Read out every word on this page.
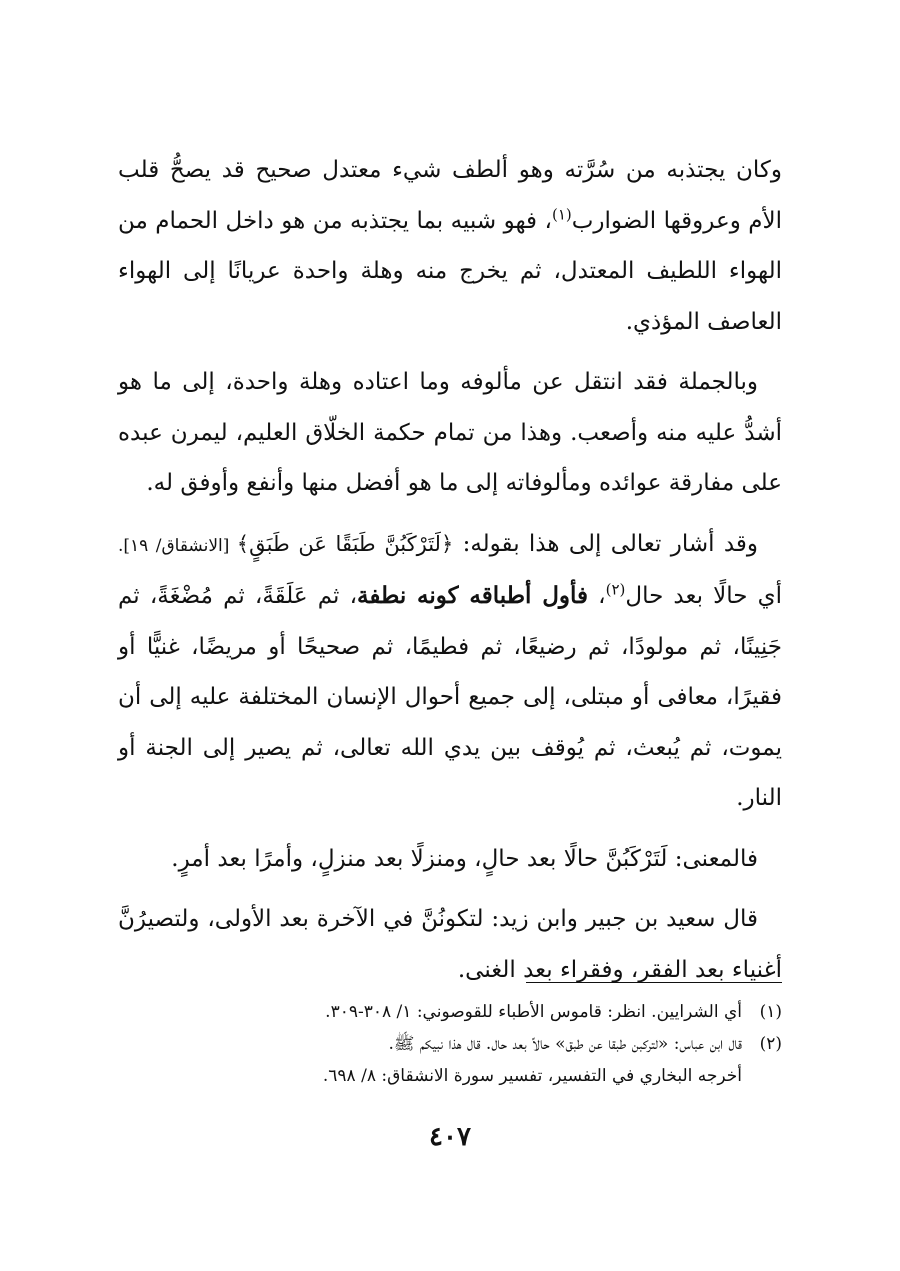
وكان يجتذبه من سُرَّته وهو ألطف شيء معتدل صحيح قد يصحُّ قلب الأم وعروقها الضوارب$^{(١)}$، فهو شبيه بما يجتذبه من هو داخل الحمام من الهواء اللطيف المعتدل، ثم يخرج منه وهلة واحدة عريانًا إلى الهواء العاصف المؤذي.

وبالجملة فقد انتقل عن مألوفه وما اعتاده وهلة واحدة، إلى ما هو أشدُّ عليه منه وأصعب. وهذا من تمام حكمة الخلّاق العليم، ليمرن عبده على مفارقة عوائده ومألوفاته إلى ما هو أفضل منها وأنفع وأوفق له.

وقد أشار تعالى إلى هذا بقوله: ﴿لَتَرْكَبُنَّ طَبَقًا عَن طَبَقٍ﴾ [الانشقاق/ ١٩]. أي حالًا بعد حال$^{(٢)}$، فأول أطباقه كونه نطفة، ثم عَلَقَةً، ثم مُضْغَةً، ثم جَنِينًا، ثم مولودًا، ثم رضيعًا، ثم فطيمًا، ثم صحيحًا أو مريضًا، غنيًّا أو فقيرًا، معافى أو مبتلى، إلى جميع أحوال الإنسان المختلفة عليه إلى أن يموت، ثم يُبعث، ثم يُوقف بين يدي الله تعالى، ثم يصير إلى الجنة أو النار.

فالمعنى: لَتَرْكَبُنَّ حالًا بعد حالٍ، ومنزلًا بعد منزلٍ، وأمرًا بعد أمرٍ.

قال سعيد بن جبير وابن زيد: لتكونُنَّ في الآخرة بعد الأولى، ولتصيرُنَّ أغنياء بعد الفقر، وفقراء بعد الغنى.

(١)أي الشرايين. انظر: قاموس الأطباء للقوصوني: ١/ ٣٠٨-٣٠٩.

(٢)قال ابن عباس: «لتركبن طبقا عن طبق» حالاً بعد حال. قال هذا نبيكم ﷺ.

أخرجه البخاري في التفسير، تفسير سورة الانشقاق: ٨/ ٦٩٨.

٤٠٧
